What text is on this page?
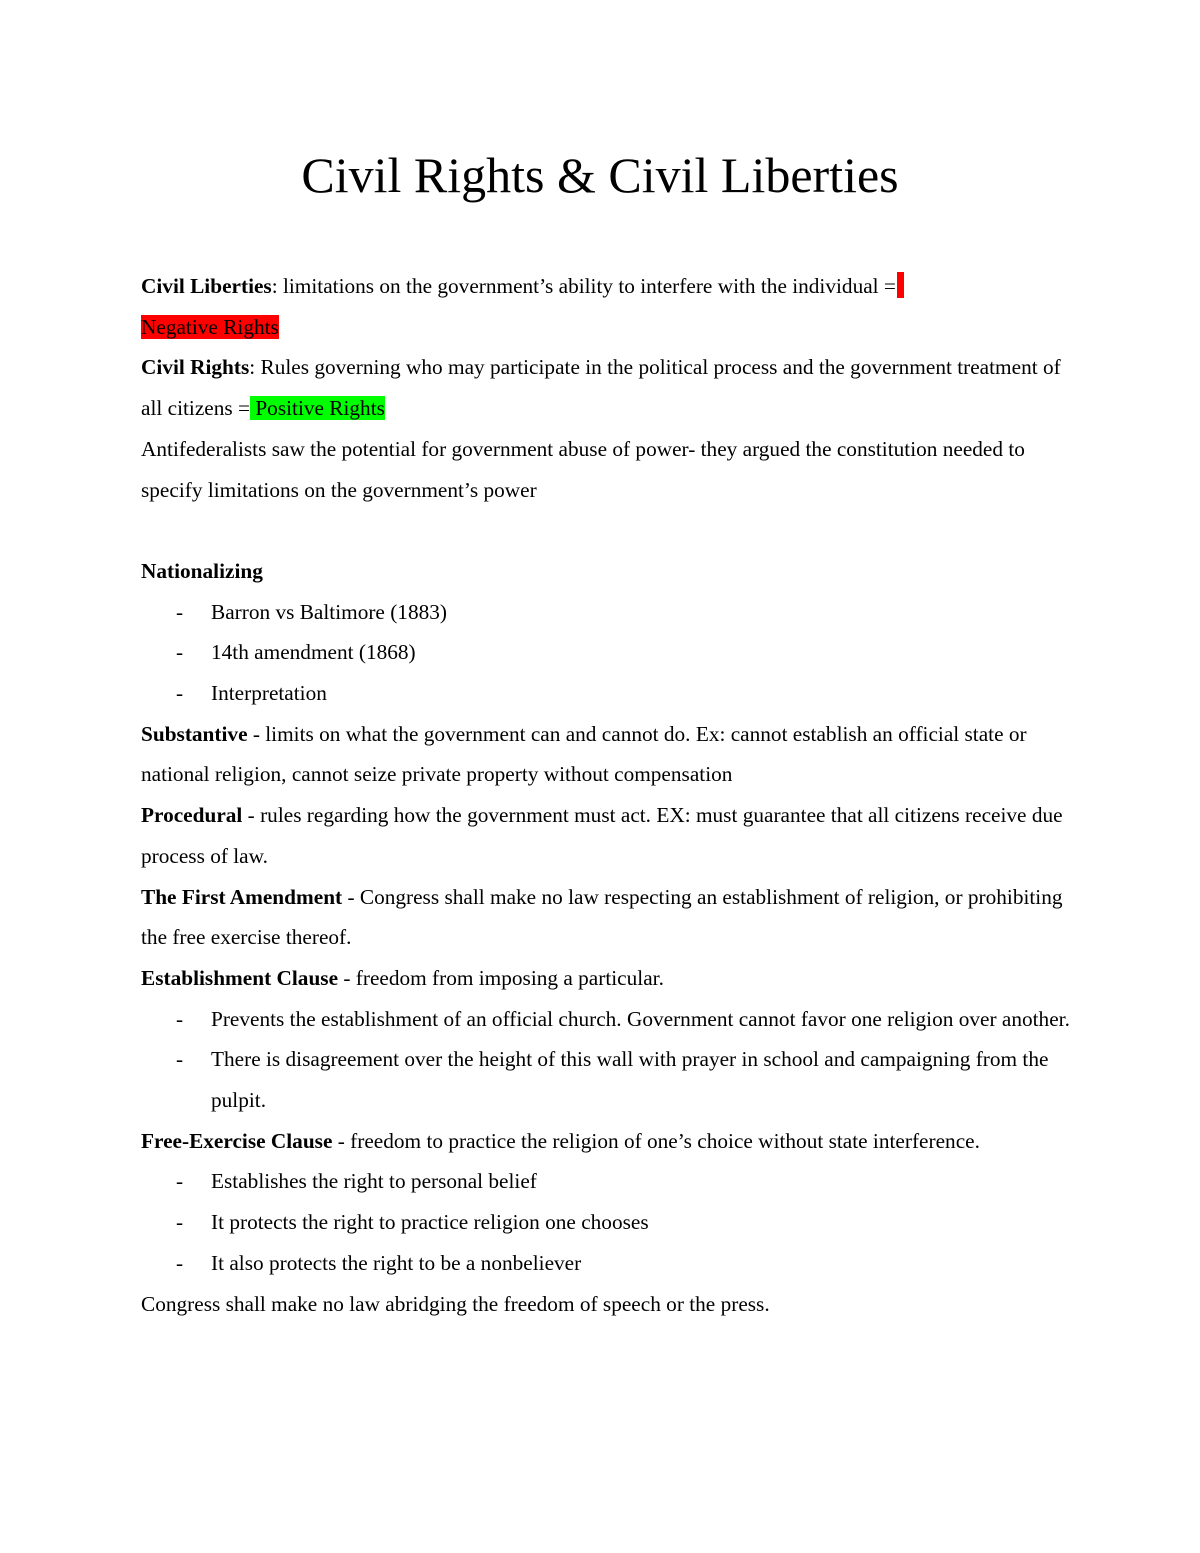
Civil Rights & Civil Liberties

Civil Liberties: limitations on the government’s ability to interfere with the individual =
Negative Rights

Civil Rights: Rules governing who may participate in the political process and the government treatment of all citizens = Positive Rights

Antifederalists saw the potential for government abuse of power- they argued the constitution needed to specify limitations on the government’s power

Nationalizing

- Barron vs Baltimore (1883)
- 14th amendment (1868)
- Interpretation

Substantive - limits on what the government can and cannot do. Ex: cannot establish an official state or national religion, cannot seize private property without compensation

Procedural - rules regarding how the government must act. EX: must guarantee that all citizens receive due process of law.

The First Amendment - Congress shall make no law respecting an establishment of religion, or prohibiting the free exercise thereof.

Establishment Clause - freedom from imposing a particular.

- Prevents the establishment of an official church. Government cannot favor one religion over another.
- There is disagreement over the height of this wall with prayer in school and campaigning from the pulpit.

Free-Exercise Clause - freedom to practice the religion of one’s choice without state interference.

- Establishes the right to personal belief
- It protects the right to practice religion one chooses
- It also protects the right to be a nonbeliever

Congress shall make no law abridging the freedom of speech or the press.
